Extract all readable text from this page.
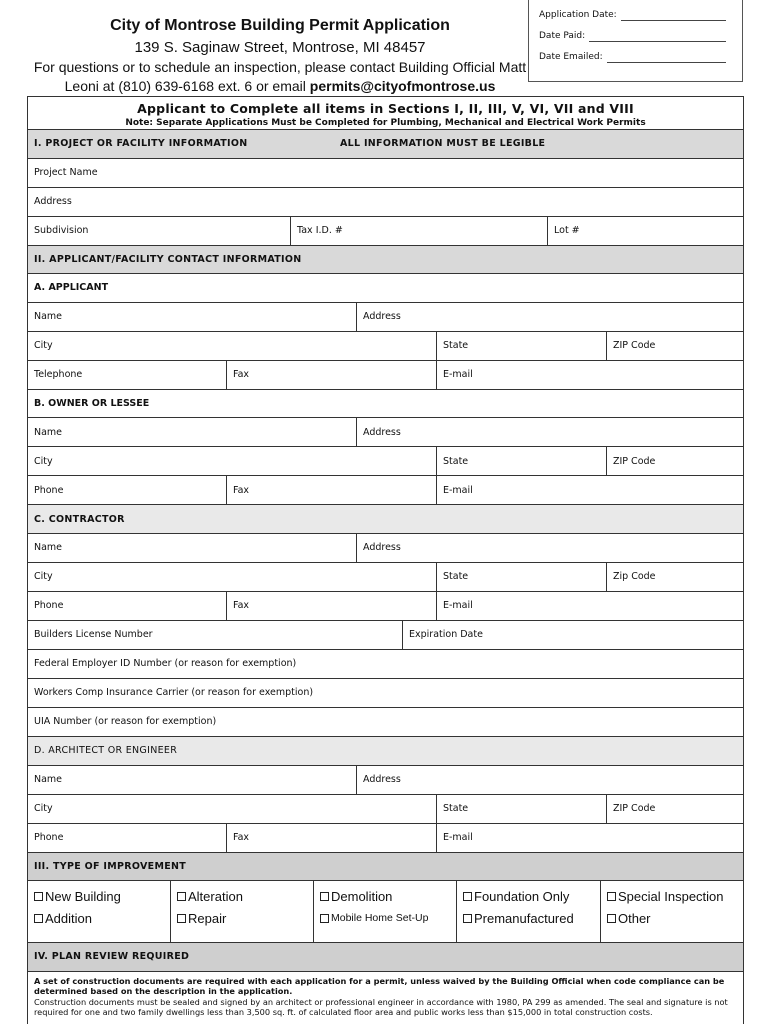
City of Montrose Building Permit Application
139 S. Saginaw Street, Montrose, MI 48457
For questions or to schedule an inspection, please contact Building Official Matt
Leoni at (810) 639-6168 ext. 6 or email permits@cityofmontrose.us
Application Date:
Date Paid:
Date Emailed:
Applicant to Complete all items in Sections I, II, III, V, VI, VII and VIII
Note: Separate Applications Must be Completed for Plumbing, Mechanical and Electrical Work Permits
I. PROJECT OR FACILITY INFORMATION	ALL INFORMATION MUST BE LEGIBLE
Project Name
Address
Subdivision	Tax I.D. #	Lot #
II. APPLICANT/FACILITY CONTACT INFORMATION
A. APPLICANT
Name	Address
City	State	ZIP Code
Telephone	Fax	E-mail
B. OWNER OR LESSEE
Name	Address
City	State	ZIP Code
Phone	Fax	E-mail
C. CONTRACTOR
Name	Address
City	State	Zip Code
Phone	Fax	E-mail
Builders License Number	Expiration Date
Federal Employer ID Number (or reason for exemption)
Workers Comp Insurance Carrier (or reason for exemption)
UIA Number (or reason for exemption)
D. ARCHITECT OR ENGINEER
Name	Address
City	State	ZIP Code
Phone	Fax	E-mail
III. TYPE OF IMPROVEMENT
New Building
Addition
Alteration
Repair
Demolition
Mobile Home Set-Up
Foundation Only
Premanufactured
Special Inspection
Other
IV. PLAN REVIEW REQUIRED
A set of construction documents are required with each application for a permit, unless waived by the Building Official when code compliance can be determined based on the description in the application.
Construction documents must be sealed and signed by an architect or professional engineer in accordance with 1980, PA 299 as amended. The seal and signature is not required for one and two family dwellings less than 3,500 sq. ft. of calculated floor area and public works less than $15,000 in total construction costs.
